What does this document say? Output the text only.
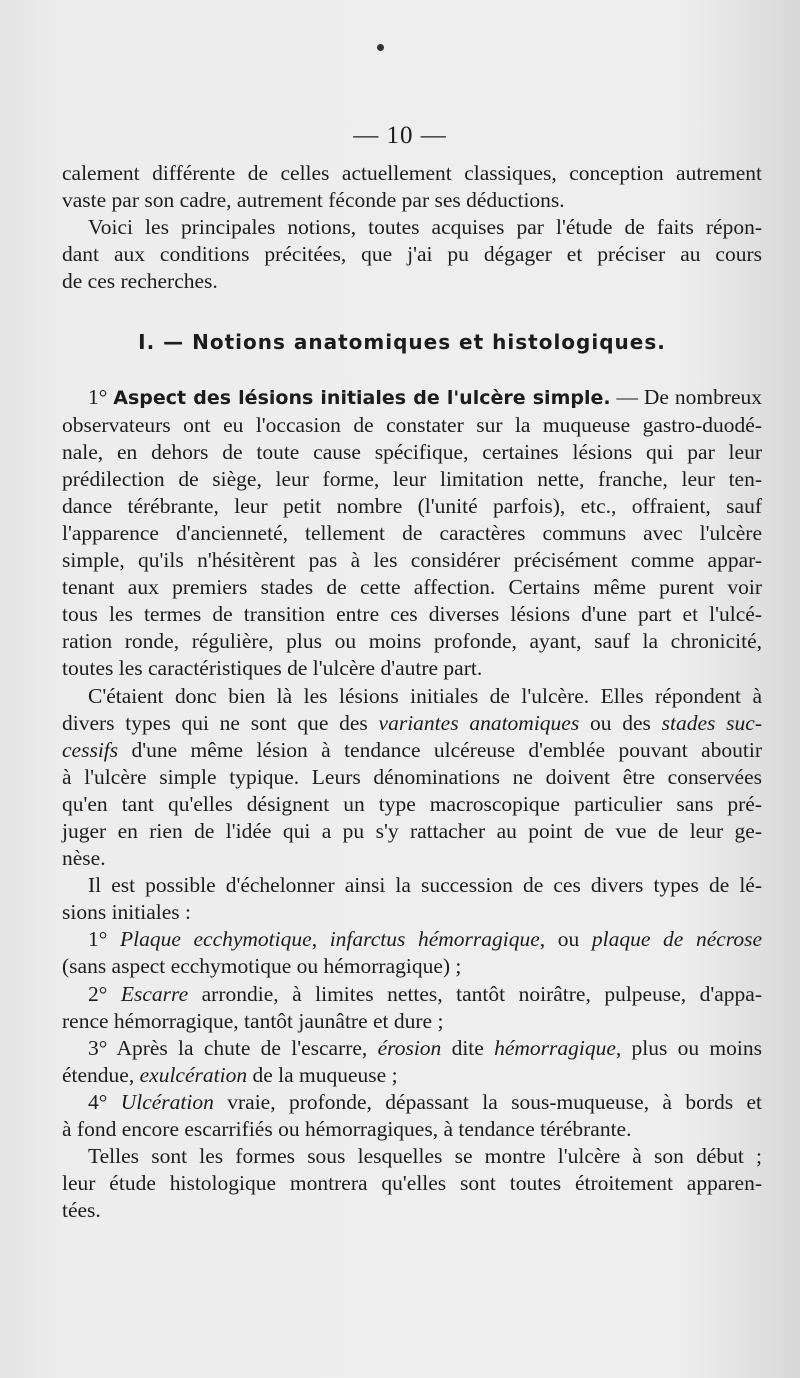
— 10 —
calement différente de celles actuellement classiques, conception autrement
vaste par son cadre, autrement féconde par ses déductions.
Voici les principales notions, toutes acquises par l'étude de faits répon-
dant aux conditions précitées, que j'ai pu dégager et préciser au cours
de ces recherches.
I. — Notions anatomiques et histologiques.
1° Aspect des lésions initiales de l'ulcère simple. — De nombreux
observateurs ont eu l'occasion de constater sur la muqueuse gastro-duodé-
nale, en dehors de toute cause spécifique, certaines lésions qui par leur
prédilection de siège, leur forme, leur limitation nette, franche, leur ten-
dance térébrante, leur petit nombre (l'unité parfois), etc., offraient, sauf
l'apparence d'ancienneté, tellement de caractères communs avec l'ulcère
simple, qu'ils n'hésitèrent pas à les considérer précisément comme appar-
tenant aux premiers stades de cette affection. Certains même purent voir
tous les termes de transition entre ces diverses lésions d'une part et l'ulcé-
ration ronde, régulière, plus ou moins profonde, ayant, sauf la chronicité,
toutes les caractéristiques de l'ulcère d'autre part.
C'étaient donc bien là les lésions initiales de l'ulcère. Elles répondent à
divers types qui ne sont que des variantes anatomiques ou des stades suc-
cessifs d'une même lésion à tendance ulcéreuse d'emblée pouvant aboutir
à l'ulcère simple typique. Leurs dénominations ne doivent être conservées
qu'en tant qu'elles désignent un type macroscopique particulier sans pré-
juger en rien de l'idée qui a pu s'y rattacher au point de vue de leur ge-
nèse.
Il est possible d'échelonner ainsi la succession de ces divers types de lé-
sions initiales :
1° Plaque ecchymotique, infarctus hémorragique, ou plaque de nécrose
(sans aspect ecchymotique ou hémorragique) ;
2° Escarre arrondie, à limites nettes, tantôt noirâtre, pulpeuse, d'appa-
rence hémorragique, tantôt jaunâtre et dure ;
3° Après la chute de l'escarre, érosion dite hémorragique, plus ou moins
étendue, exulcération de la muqueuse ;
4° Ulcération vraie, profonde, dépassant la sous-muqueuse, à bords et
à fond encore escarrifiés ou hémorragiques, à tendance térébrante.
Telles sont les formes sous lesquelles se montre l'ulcère à son début ;
leur étude histologique montrera qu'elles sont toutes étroitement apparen-
tées.
